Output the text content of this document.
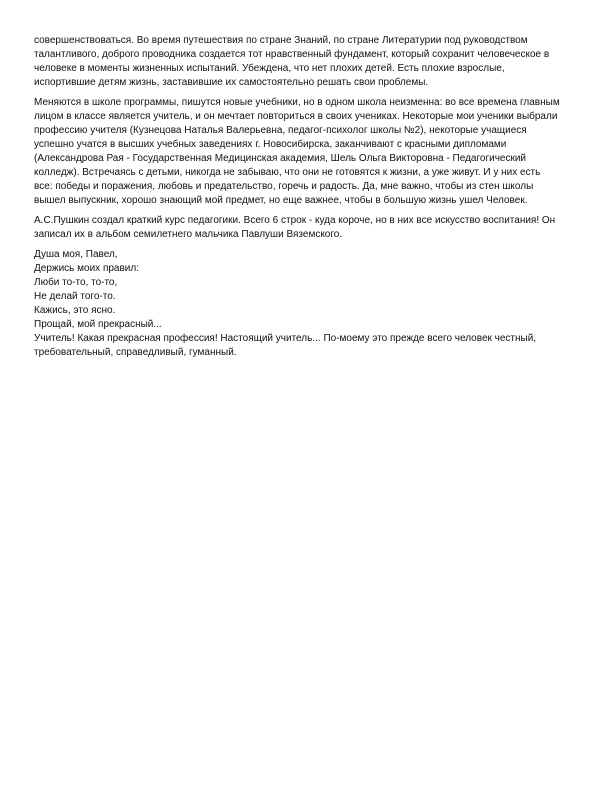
совершенствоваться. Во время путешествия по стране Знаний, по стране Литературии под руководством
талантливого, доброго проводника создается тот нравственный фундамент, который сохранит человеческое в
человеке в моменты жизненных испытаний. Убеждена, что нет плохих детей. Есть плохие взрослые,
испортившие детям жизнь, заставившие их самостоятельно решать свои проблемы.

Меняются в школе программы, пишутся новые учебники, но в одном школа неизменна: во все времена главным
лицом в классе является учитель, и он мечтает повториться в своих учениках. Некоторые мои ученики выбрали
профессию учителя (Кузнецова Наталья Валерьевна, педагог-психолог школы №2), некоторые учащиеся
успешно учатся в высших учебных заведениях г. Новосибирска, заканчивают с красными дипломами
(Александрова Рая - Государственная Медицинская академия, Шель Ольга Викторовна - Педагогический
колледж). Встречаясь с детьми, никогда не забываю, что они не готовятся к жизни, а уже живут. И у них есть
все: победы и поражения, любовь и предательство, горечь и радость. Да, мне важно, чтобы из стен школы
вышел выпускник, хорошо знающий мой предмет, но еще важнее, чтобы в большую жизнь ушел Человек.

А.С.Пушкин создал краткий курс педагогики. Всего 6 строк - куда короче, но в них все искусство воспитания! Он
записал их в альбом семилетнего мальчика Павлуши Вяземского.

Душа моя, Павел,
Держись моих правил:
Люби то-то, то-то,
Не делай того-то.
Кажись, это ясно.
Прощай, мой прекрасный...

Учитель! Какая прекрасная профессия! Настоящий учитель... По-моему это прежде всего человек честный,
требовательный, справедливый, гуманный.
